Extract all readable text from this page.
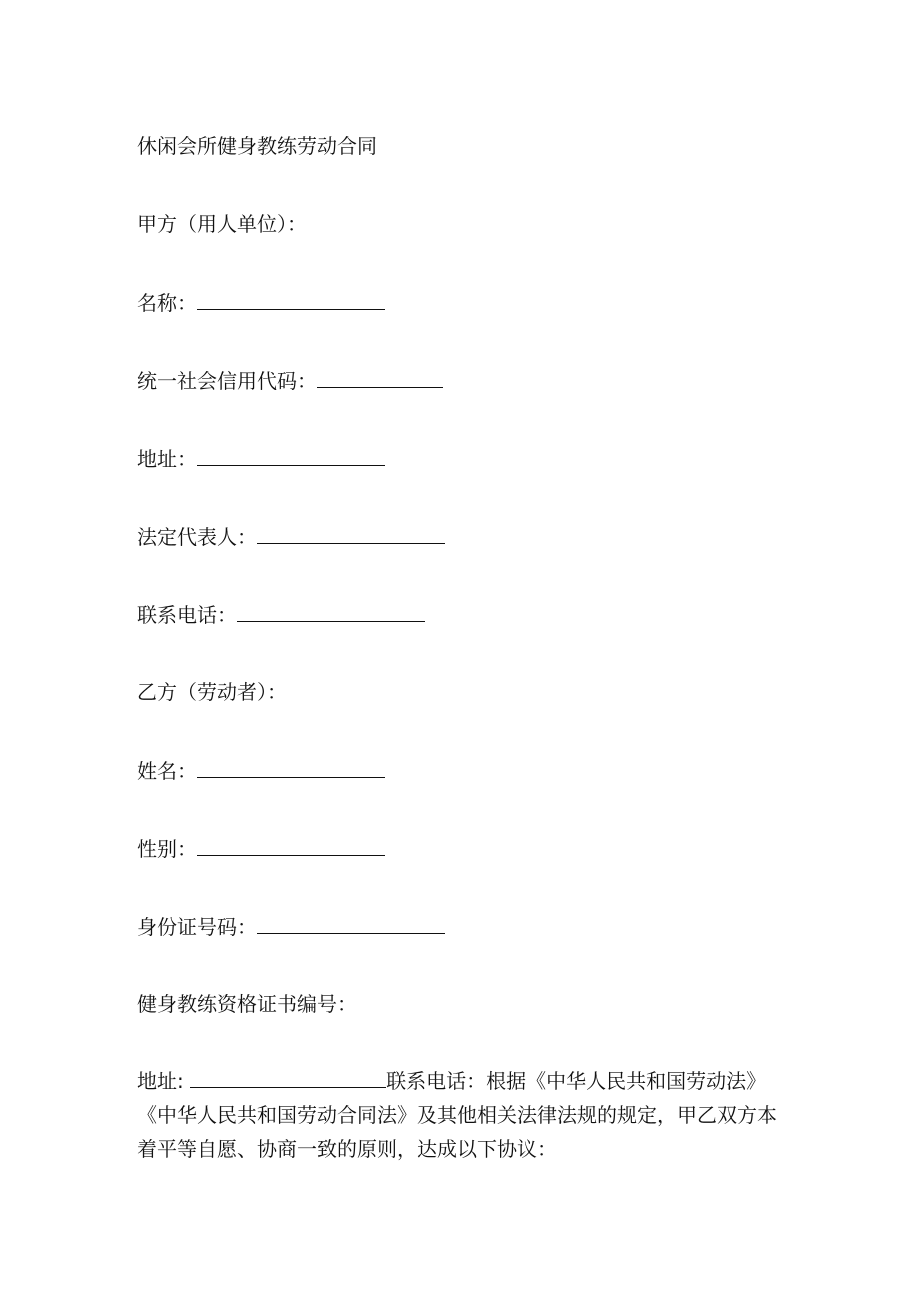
休闲会所健身教练劳动合同
甲方（用人单位）：
名称：
统一社会信用代码：
地址：
法定代表人：
联系电话：
乙方（劳动者）：
姓名：
性别：
身份证号码：
健身教练资格证书编号：
地址:	联系电话：根据《中华人民共和国劳动法》
《中华人民共和国劳动合同法》及其他相关法律法规的规定，甲乙双方本
着平等自愿、协商一致的原则，达成以下协议：
